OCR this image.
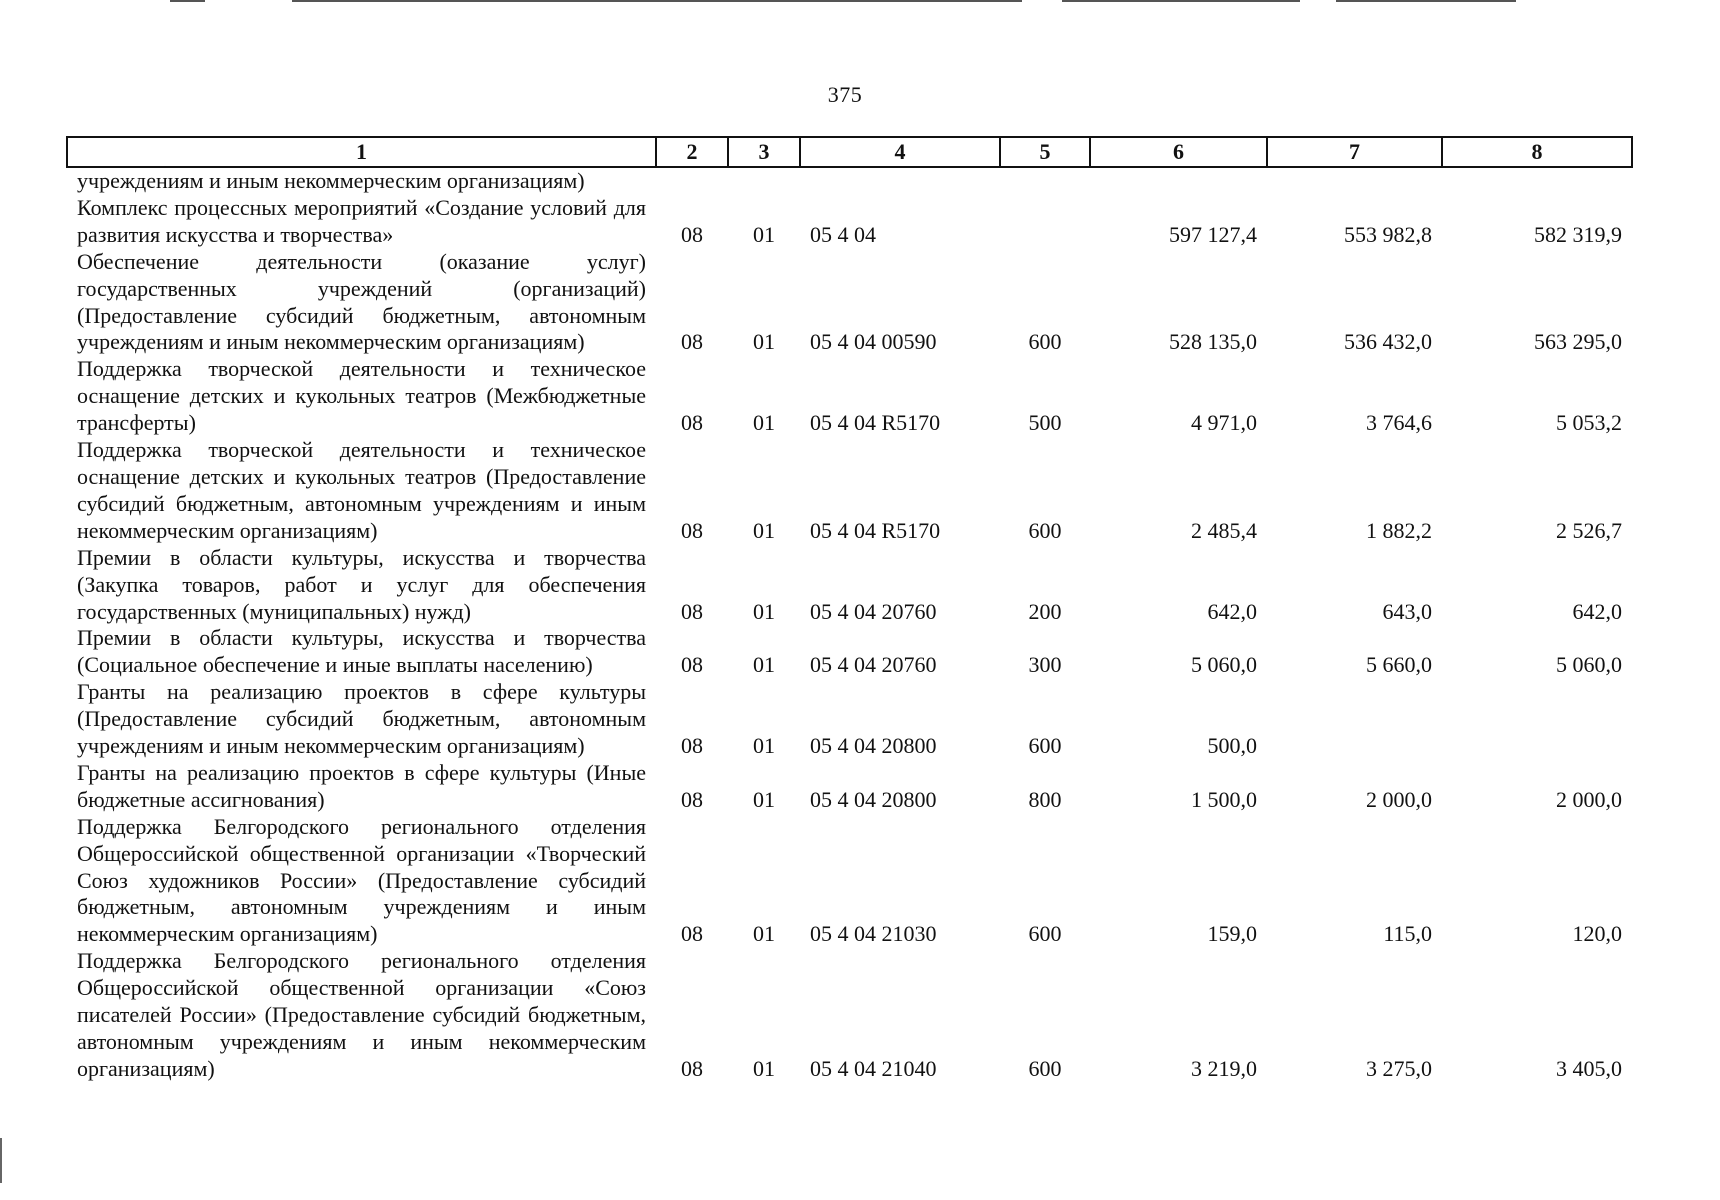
375
1	2	3	4	5	6	7	8
учреждениям и иным некоммерческим организациям)							
Комплекс процессных мероприятий «Создание условий для развития искусства и творчества»	08	01	05 4 04		597 127,4	553 982,8	582 319,9
Обеспечение деятельности (оказание услуг) государственных учреждений (организаций) (Предоставление субсидий бюджетным, автономным учреждениям и иным некоммерческим организациям)	08	01	05 4 04 00590	600	528 135,0	536 432,0	563 295,0
Поддержка творческой деятельности и техническое оснащение детских и кукольных театров (Межбюджетные трансферты)	08	01	05 4 04 R5170	500	4 971,0	3 764,6	5 053,2
Поддержка творческой деятельности и техническое оснащение детских и кукольных театров (Предоставление субсидий бюджетным, автономным учреждениям и иным некоммерческим организациям)	08	01	05 4 04 R5170	600	2 485,4	1 882,2	2 526,7
Премии в области культуры, искусства и творчества (Закупка товаров, работ и услуг для обеспечения государственных (муниципальных) нужд)	08	01	05 4 04 20760	200	642,0	643,0	642,0
Премии в области культуры, искусства и творчества (Социальное обеспечение и иные выплаты населению)	08	01	05 4 04 20760	300	5 060,0	5 660,0	5 060,0
Гранты на реализацию проектов в сфере культуры (Предоставление субсидий бюджетным, автономным учреждениям и иным некоммерческим организациям)	08	01	05 4 04 20800	600	500,0		
Гранты на реализацию проектов в сфере культуры (Иные бюджетные ассигнования)	08	01	05 4 04 20800	800	1 500,0	2 000,0	2 000,0
Поддержка Белгородского регионального отделения Общероссийской общественной организации «Творческий Союз художников России» (Предоставление субсидий бюджетным, автономным учреждениям и иным некоммерческим организациям)	08	01	05 4 04 21030	600	159,0	115,0	120,0
Поддержка Белгородского регионального отделения Общероссийской общественной организации «Союз писателей России» (Предоставление субсидий бюджетным, автономным учреждениям и иным некоммерческим организациям)	08	01	05 4 04 21040	600	3 219,0	3 275,0	3 405,0
